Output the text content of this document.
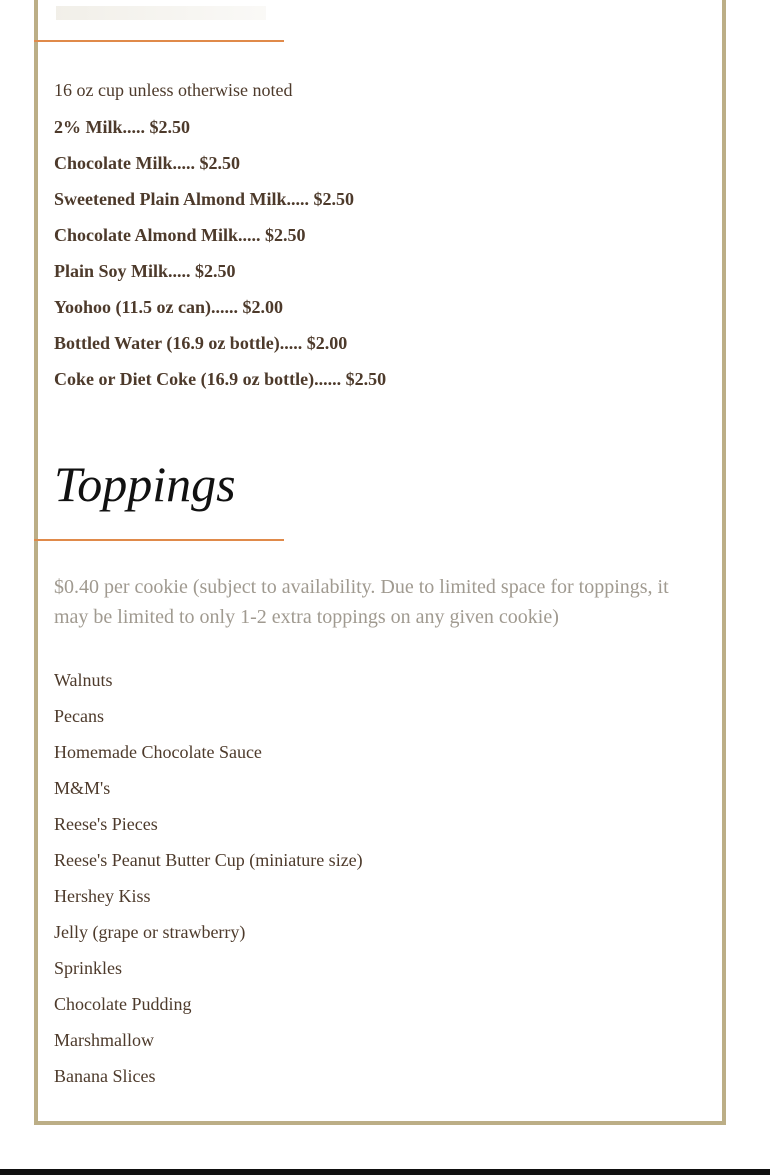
16 oz cup unless otherwise noted

2% Milk..... $2.50
Chocolate Milk..... $2.50
Sweetened Plain Almond Milk..... $2.50
Chocolate Almond Milk..... $2.50
Plain Soy Milk..... $2.50
Yoohoo (11.5 oz can)...... $2.00
Bottled Water (16.9 oz bottle)..... $2.00
Coke or Diet Coke (16.9 oz bottle)...... $2.50
Toppings

$0.40 per cookie (subject to availability. Due to limited space for toppings, it may be limited to only 1-2 extra toppings on any given cookie)

Walnuts
Pecans
Homemade Chocolate Sauce
M&M's
Reese's Pieces
Reese's Peanut Butter Cup (miniature size)
Hershey Kiss
Jelly (grape or strawberry)
Sprinkles
Chocolate Pudding
Marshmallow
Banana Slices
